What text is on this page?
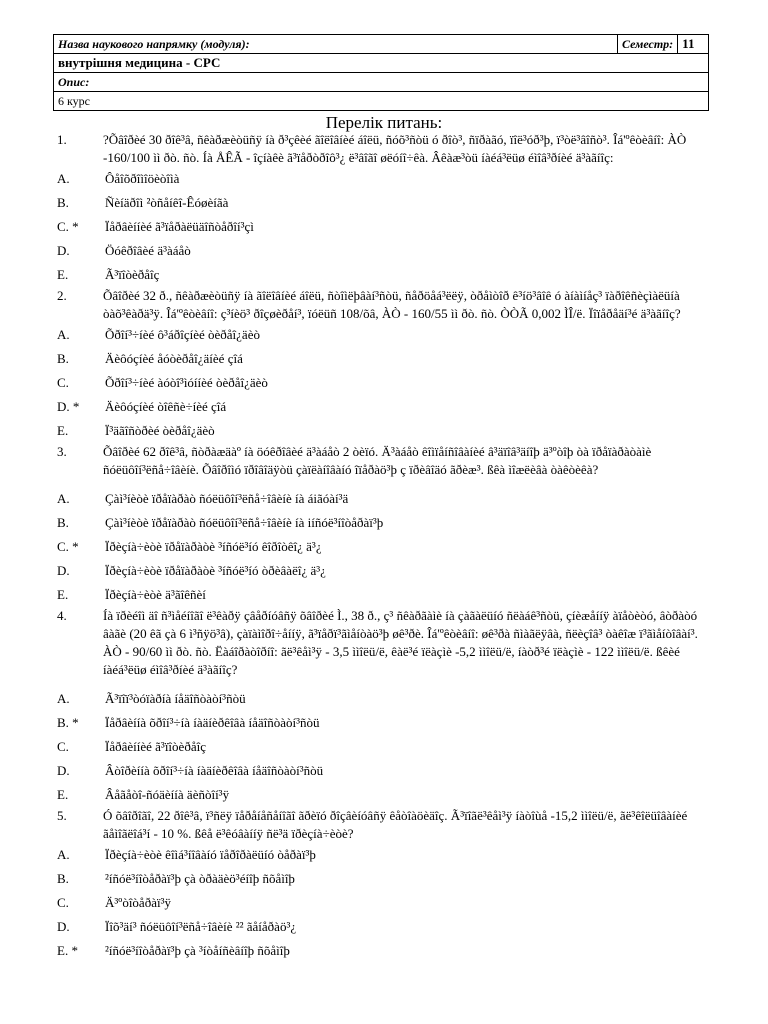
Назва наукового напрямку (модуля):	Семестр:	11
внутрішня медицина - СРС
Опис:
6 курс
Перелік питань:
1.	?Õâîðèé 30 ðîê³â, ñêàðæèòüñÿ íà ð³çêèé ãîëîâíèé áîëü, ñóõ³ñòü ó ðîò³, ñïðàãó, ïîë³óð³þ, ï³òë³âîñò³. Îá'ºêòèâíî: ÀÒ -160/100 ìì ðò. ñò. Íà ÅÊÃ - îçíàêè ã³ïåðòðîô³¿ ë³âîãî øëóíî÷êà. Âêàæ³òü íàéá³ëüø éìîâ³ðíèé ä³àãíîç:
A.	Ôåîõðîìîöèòîìà
B.	Ñèíäðîì ²òñåíêî-Êóøèíãà
C. *	Ïåðâèííèé ã³ïåðàëüäîñòåðîí³çì
D.	Öóêðîâèé ä³àáåò
E.	Ã³ïîòèðåîç
2.	Õâîðèé 32 ð., ñêàðæèòüñÿ íà ãîëîâíèé áîëü, ñòîìëþâàí³ñòü, ñåðöåá³ëëÿ, òðåìòîð ê³íö³âîê ó àíàìíåç³ ïàðîêñèçìàëüíà òàõ³êàðä³ÿ. Îá'ºêòèâíî: ç³íèö³ ðîçøèðåí³, ïóëüñ 108/õâ, ÀÒ - 160/55 ìì ðò. ñò. ÒÒÃ 0,002 ÌÎ/ë. Ïîïåðåäí³é ä³àãíîç?
A.	Õðîí³÷íèé ô³áðîçíèé òèðåî¿äèò
B.	Äèôóçíèé åóòèðåî¿äíèé çîá
C.	Õðîí³÷íèé àóòî³ìóííèé òèðåî¿äèò
D. *	Äèôóçíèé òîêñè÷íèé çîá
E.	Ï³äãîñòðèé òèðåî¿äèò
3.	Õâîðèé 62 ðîê³â, ñòðàæäàº íà öóêðîâèé ä³àáåò 2 òèïó. Ä³àáåò êîìïåíñîâàíèé â³äïîâ³äíîþ ä³ºòîþ òà ïðåïàðàòàìè ñóëüôîí³ëñå÷îâèíè. Õâîðîìó ïðîâîäÿòü çàïëàíîâàíó îïåðàö³þ ç ïðèâîäó ãðèæ³. ßêà ìîæëèâà òàêòèêà?
A.	Çàì³íèòè ïðåïàðàò ñóëüôîí³ëñå÷îâèíè íà áiãóàí³ä
B.	Çàì³íèòè ïðåïàðàò ñóëüôîí³ëñå÷îâèíè íà iíñóë³íîòåðàï³þ
C. *	Ïðèçíà÷èòè ïðåïàðàòè ³íñóë³íó êîðîòêî¿ ä³¿
D.	Ïðèçíà÷èòè ïðåïàðàòè ³íñóë³íó òðèâàëî¿ ä³¿
E.	Ïðèçíà÷èòè ä³ãîêñèí
4.	Íà ïðèéîì äî ñ³ìåéíîãî ë³êàðÿ çâåðíóâñÿ õâîðèé Ì., 38 ð., ç³ ñêàðãàìè íà çàãàëüíó ñëàáê³ñòü, çíèæåííÿ àïåòèòó, âòðàòó âàãè (20 êã çà 6 ì³ñÿö³â), çàïàìîðî÷åííÿ, ã³ïåðï³ãìåíòàö³þ øê³ðè. Îá'ºêòèâíî: øê³ðà ñìàãëÿâà, ñëèçîâ³ òàêîæ ï³ãìåíòîâàí³. ÀÒ - 90/60 ìì ðò. ñò. Ëàáîðàòîðíî: ãë³êåì³ÿ - 3,5 ììîëü/ë, êàë³é ïëàçìè -5,2 ììîëü/ë, íàòð³é ïëàçìè - 122 ììîëü/ë. ßêèé íàéá³ëüø éìîâ³ðíèé ä³àãíîç?
A.	Ã³ïîï³òóïàðíà íåäîñòàòí³ñòü
B. *	Ïåðâèííà õðîí³÷íà íàäíèðêîâà íåäîñòàòí³ñòü
C.	Ïåðâèííèé ã³ïîòèðåîç
D.	Âòîðèííà õðîí³÷íà íàäíèðêîâà íåäîñòàòí³ñòü
E.	Âåãåòî-ñóäèííà äèñòîí³ÿ
5.	Ó õâîðîãî, 22 ðîê³â, ï³ñëÿ ïåðåíåñåíîãî ãðèïó ðîçâèíóâñÿ êåòîàöèäîç. Ã³ïîãë³êåì³ÿ íàòîùå -15,2 ììîëü/ë, ãë³êîëüîâàíèé ãåìîãëîá³í - 10 %. ßêå ë³êóâàííÿ ñë³ä ïðèçíà÷èòè?
A.	Ïðèçíà÷èòè êîìá³íîâàíó ïåðîðàëüíó òåðàï³þ
B.	²íñóë³íîòåðàï³þ çà òðàäèö³éíîþ ñõåìîþ
C.	Ä³ºòîòåðàï³ÿ
D.	Ïîõ³äí³ ñóëüôîí³ëñå÷îâèíè ²² ãåíåðàö³¿
E. *	²íñóë³íîòåðàï³þ çà ³íòåíñèâíîþ ñõåìîþ
